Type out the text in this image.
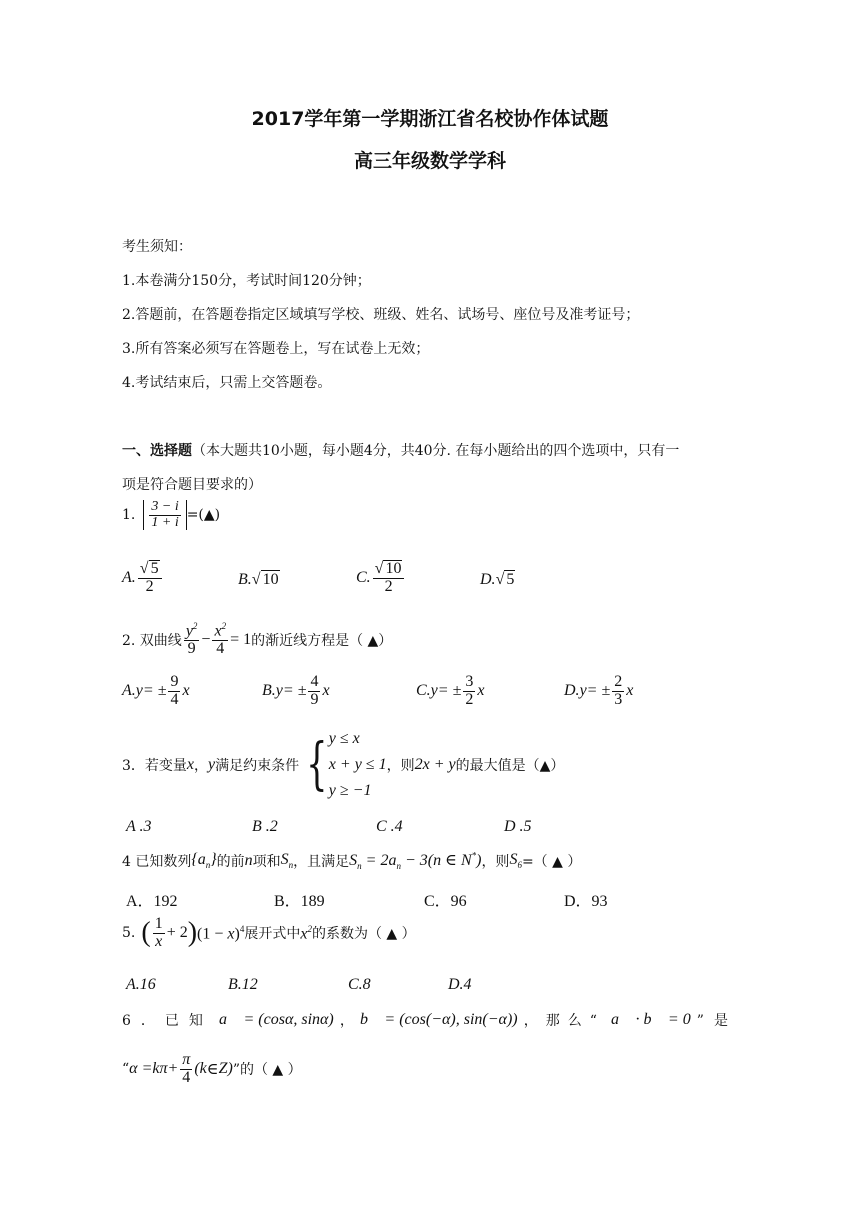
2017学年第一学期浙江省名校协作体试题
高三年级数学学科
考生须知：
1.本卷满分150分，考试时间120分钟；
2.答题前，在答题卷指定区域填写学校、班级、姓名、试场号、座位号及准考证号；
3.所有答案必须写在答题卷上，写在试卷上无效；
4.考试结束后，只需上交答题卷。
一、选择题（本大题共10小题，每小题4分，共40分. 在每小题给出的四个选项中，只有一
项是符合题目要求的）
1. $\frac{3 - i}{1 + i}$ =(▲)
A. $\frac{√ 5}{2}$	B.√ 10	C. $\frac{√ 10}{2}$	D.√ 5
2. 双曲线 $\frac{y^2}{9} - \frac{x^2}{4} = 1$ 的渐近线方程是（ ▲）
A. y = ± $\frac{9}{4}$ x	B. y = ± $\frac{4}{9}$ x	C. y = ± $\frac{3}{2}$ x	D. y = ± $\frac{2}{3}$ x
3．若变量 x ， y 满足约束条件 { y ≤ x
x + y ≤ 1
y ≥ −1
，则 2x + y 的最大值是（▲）
A .3	B .2	C .4	D .5
4 已知数列 $\{a_n\}$ 的前 n 项和 $S_n$ ，且满足 $S_n = 2a_n - 3(n$ ∈ N*) ，则 $S_6$ =（ ▲ ）
A．192	B．189	C．96	D．93
5. ( $\frac{1}{x} + 2$ ) $(1 - x)^4$ 展开式中 $x^2$ 的系数为（ ▲ ）
A.16	B.12	C.8	D.4
6．已知 a⃗ = (cosα, sinα) ， b⃗ = (cos(−α), sin(−α)) ，那么“ a⃗ · b⃗ = 0 ”是
“ $\alpha = k\pi + \frac{\pi}{4}$ ( k ∈ Z ) ”的（ ▲ ）
